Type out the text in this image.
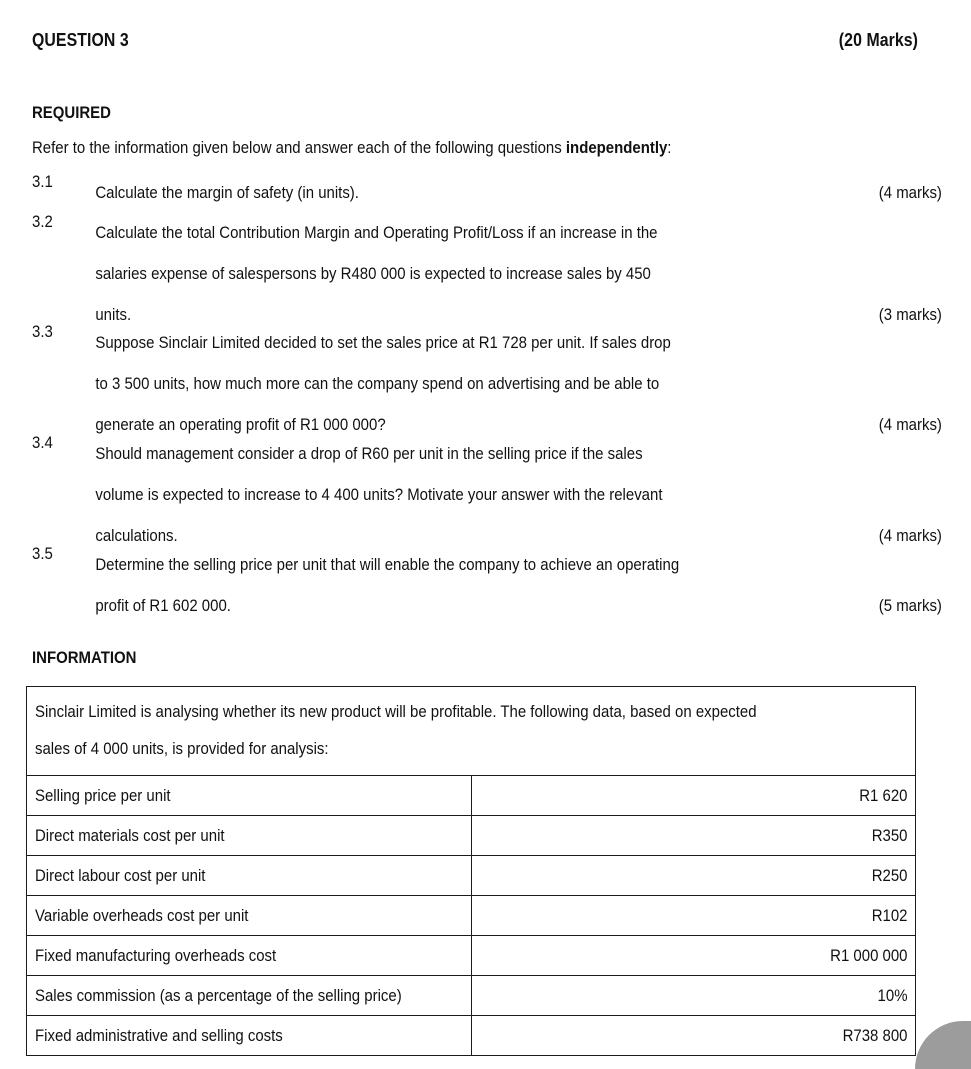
QUESTION 3	(20 Marks)
REQUIRED
Refer to the information given below and answer each of the following questions independently:
3.1
Calculate the margin of safety (in units).	(4 marks)
3.2
Calculate the total Contribution Margin and Operating Profit/Loss if an increase in the
salaries expense of salespersons by R480 000 is expected to increase sales by 450
units.	(3 marks)
3.3
Suppose Sinclair Limited decided to set the sales price at R1 728 per unit. If sales drop
to 3 500 units, how much more can the company spend on advertising and be able to
generate an operating profit of R1 000 000?	(4 marks)
3.4
Should management consider a drop of R60 per unit in the selling price if the sales
volume is expected to increase to 4 400 units? Motivate your answer with the relevant
calculations.	(4 marks)
3.5
Determine the selling price per unit that will enable the company to achieve an operating
profit of R1 602 000.	(5 marks)
INFORMATION
Sinclair Limited is analysing whether its new product will be profitable. The following data, based on expected
sales of 4 000 units, is provided for analysis:	

Selling price per unit	R1 620

Direct materials cost per unit	R350

Direct labour cost per unit	R250

Variable overheads cost per unit	R102

Fixed manufacturing overheads cost	R1 000 000

Sales commission (as a percentage of the selling price)	10%

Fixed administrative and selling costs	R738 800
